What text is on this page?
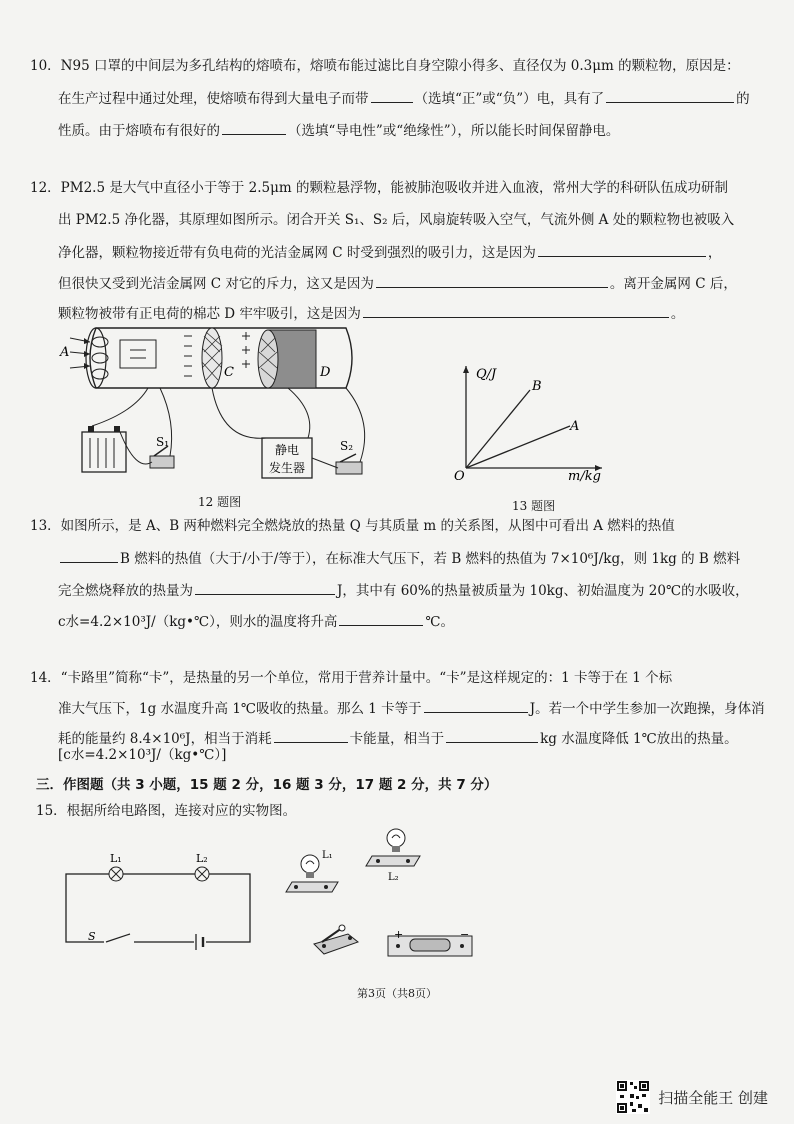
10．N95 口罩的中间层为多孔结构的熔喷布，熔喷布能过滤比自身空隙小得多、直径仅为 0.3μm 的颗粒物，原因是：
在生产过程中通过处理，使熔喷布得到大量电子而带	（选填“正”或“负”）电，具有了	的
性质。由于熔喷布有很好的	（选填“导电性”或“绝缘性”），所以能长时间保留静电。
12．PM2.5 是大气中直径小于等于 2.5μm 的颗粒悬浮物，能被肺泡吸收并进入血液，常州大学的科研队伍成功研制
出 PM2.5 净化器，其原理如图所示。闭合开关 S₁、S₂ 后，风扇旋转吸入空气，气流外侧 A 处的颗粒物也被吸入
净化器，颗粒物接近带有负电荷的光洁金属网 C 时受到强烈的吸引力，这是因为	，
但很快又受到光洁金属网 C 对它的斥力，这又是因为	。离开金属网 C 后，
颗粒物被带有正电荷的棉芯 D 牢牢吸引，这是因为	。
A
C	D
S₁
静电
发生器
S₂
12 题图
Q/J
m/kg
O
B
A
13 题图
13．如图所示，是 A、B 两种燃料完全燃烧放的热量 Q 与其质量 m 的关系图，从图中可看出 A 燃料的热值
B 燃料的热值（大于/小于/等于），在标准大气压下，若 B 燃料的热值为 7×10⁶J/kg，则 1kg 的 B 燃料
完全燃烧释放的热量为	J，其中有 60%的热量被质量为 10kg、初始温度为 20℃的水吸收，
c水=4.2×10³J/（kg•℃），则水的温度将升高	℃。
14．“卡路里”简称“卡”，是热量的另一个单位，常用于营养计量中。“卡”是这样规定的：1 卡等于在 1 个标
准大气压下，1g 水温度升高 1℃吸收的热量。那么 1 卡等于	J。若一个中学生参加一次跑操，身体消
耗的能量约 8.4×10⁶J，相当于消耗	卡能量，相当于	kg 水温度降低 1℃放出的热量。
[c水=4.2×10³J/（kg•℃）]
三．作图题（共 3 小题，15 题 2 分，16 题 3 分，17 题 2 分，共 7 分）
15．根据所给电路图，连接对应的实物图。
L₁	L₂
S
L₂
L₁
+	−
第3页（共8页）
扫描全能王 创建
